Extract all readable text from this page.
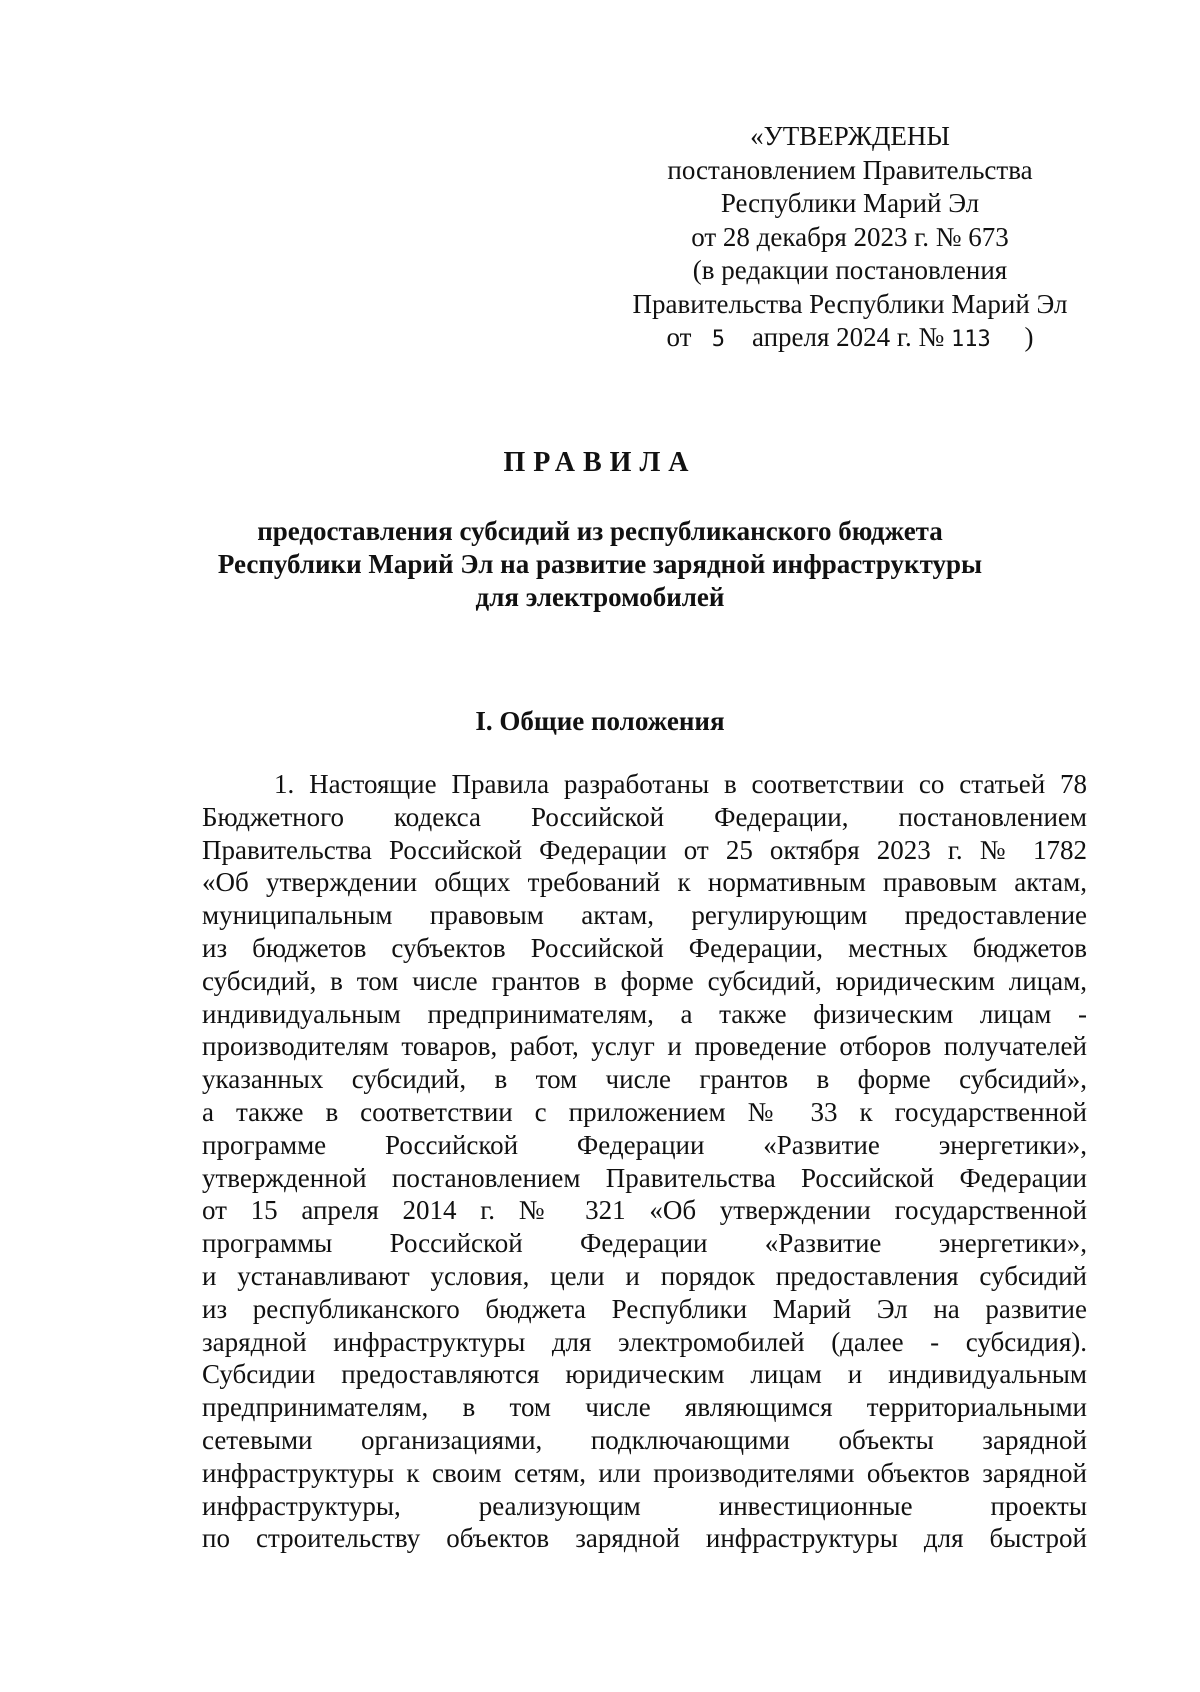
«УТВЕРЖДЕНЫ
постановлением Правительства
Республики Марий Эл
от 28 декабря 2023 г. № 673
(в редакции постановления
Правительства Республики Марий Эл
от 5 апреля 2024 г. № 113 )
ПРАВИЛА
предоставления субсидий из республиканского бюджета
Республики Марий Эл на развитие зарядной инфраструктуры
для электромобилей
I. Общие положения
1. Настоящие Правила разработаны в соответствии со статьей 78
Бюджетного кодекса Российской Федерации, постановлением
Правительства Российской Федерации от 25 октября 2023 г. № 1782
«Об утверждении общих требований к нормативным правовым актам,
муниципальным правовым актам, регулирующим предоставление
из бюджетов субъектов Российской Федерации, местных бюджетов
субсидий, в том числе грантов в форме субсидий, юридическим лицам,
индивидуальным предпринимателям, а также физическим лицам -
производителям товаров, работ, услуг и проведение отборов получателей
указанных субсидий, в том числе грантов в форме субсидий»,
а также в соответствии с приложением № 33 к государственной
программе Российской Федерации «Развитие энергетики»,
утвержденной постановлением Правительства Российской Федерации
от 15 апреля 2014 г. № 321 «Об утверждении государственной
программы Российской Федерации «Развитие энергетики»,
и устанавливают условия, цели и порядок предоставления субсидий
из республиканского бюджета Республики Марий Эл на развитие
зарядной инфраструктуры для электромобилей (далее - субсидия).
Субсидии предоставляются юридическим лицам и индивидуальным
предпринимателям, в том числе являющимся территориальными
сетевыми организациями, подключающими объекты зарядной
инфраструктуры к своим сетям, или производителями объектов зарядной
инфраструктуры, реализующим инвестиционные проекты
по строительству объектов зарядной инфраструктуры для быстрой
